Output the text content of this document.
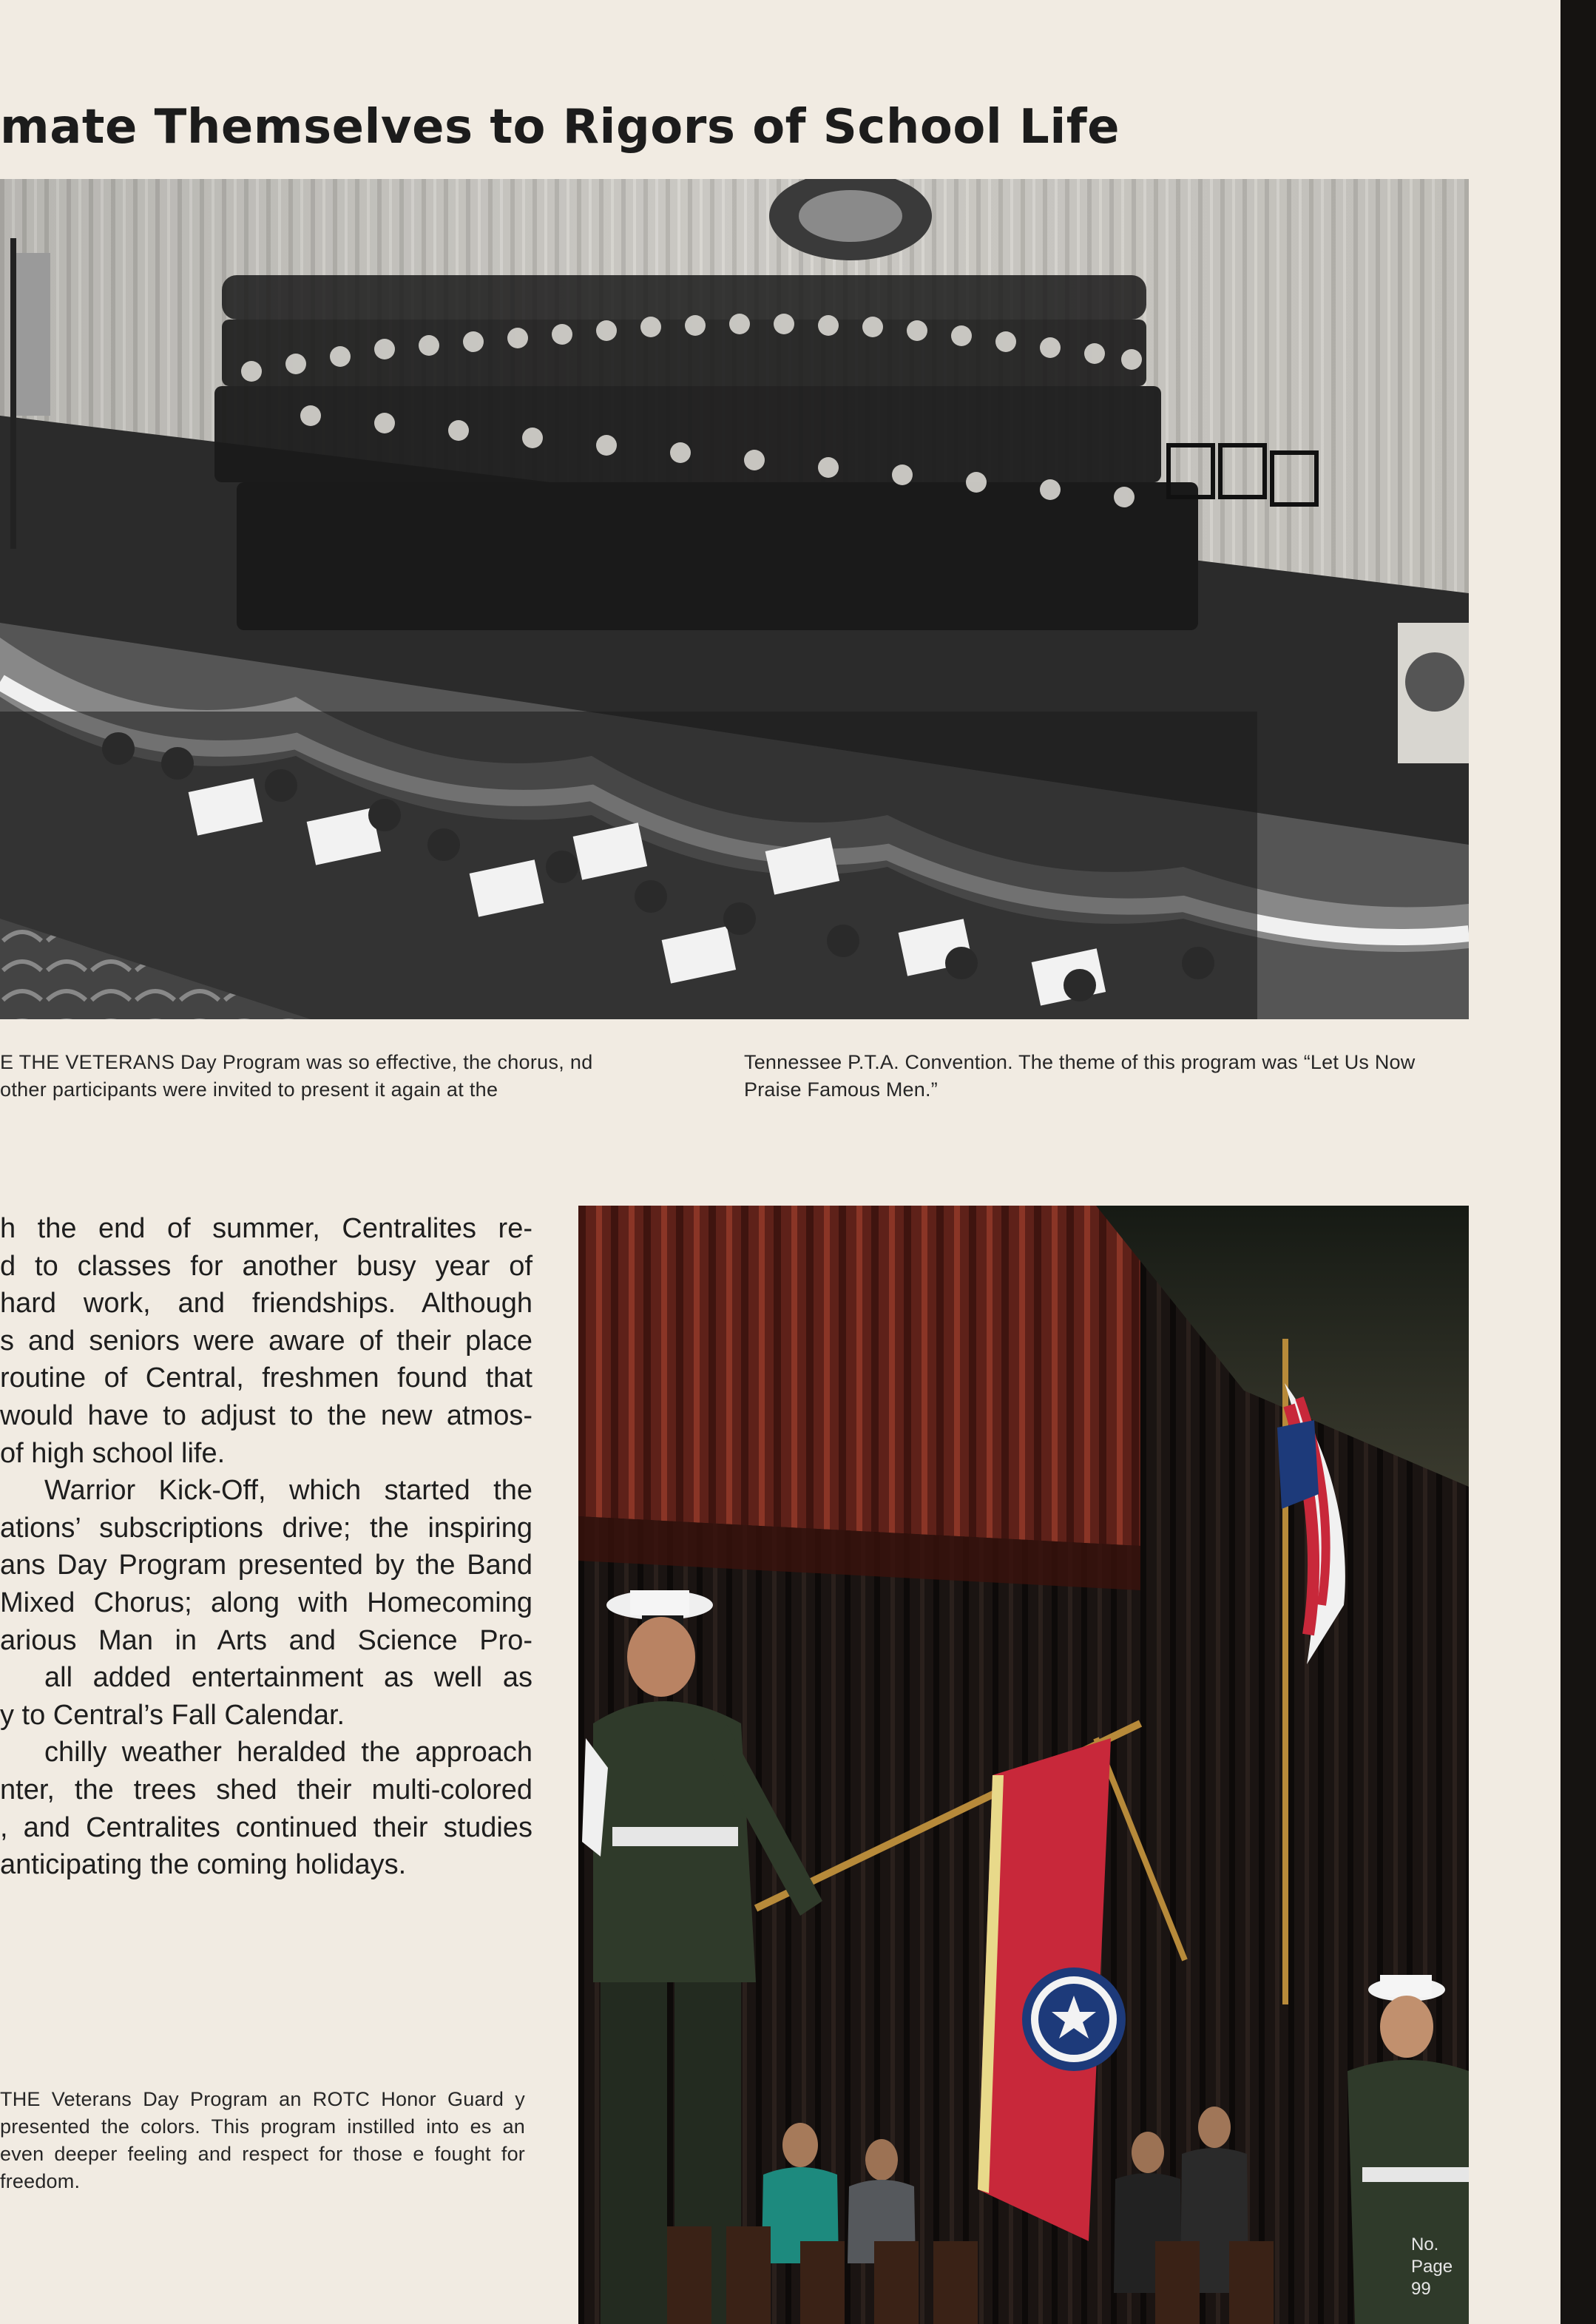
mate Themselves to Rigors of School Life

E THE VETERANS Day Program was so effective, the chorus, nd other participants were invited to present it again at the

Tennessee P.T.A. Convention. The theme of this program was “Let Us Now Praise Famous Men.”

h the end of summer, Centralites re-

d to classes for another busy year of

hard work, and friendships. Although

s and seniors were aware of their place

routine of Central, freshmen found that

would have to adjust to the new atmos-

of high school life.

Warrior Kick-Off, which started the

ations’ subscriptions drive; the inspiring

ans Day Program presented by the Band

Mixed Chorus; along with Homecoming

arious Man in Arts and Science Pro-

all added entertainment as well as

y to Central’s Fall Calendar.

chilly weather heralded the approach

nter, the trees shed their multi-colored

, and Centralites continued their studies

anticipating the coming holidays.

THE Veterans Day Program an ROTC Honor Guard y presented the colors. This program instilled into es an even deeper feeling and respect for those e fought for freedom.

No.
Page
99
